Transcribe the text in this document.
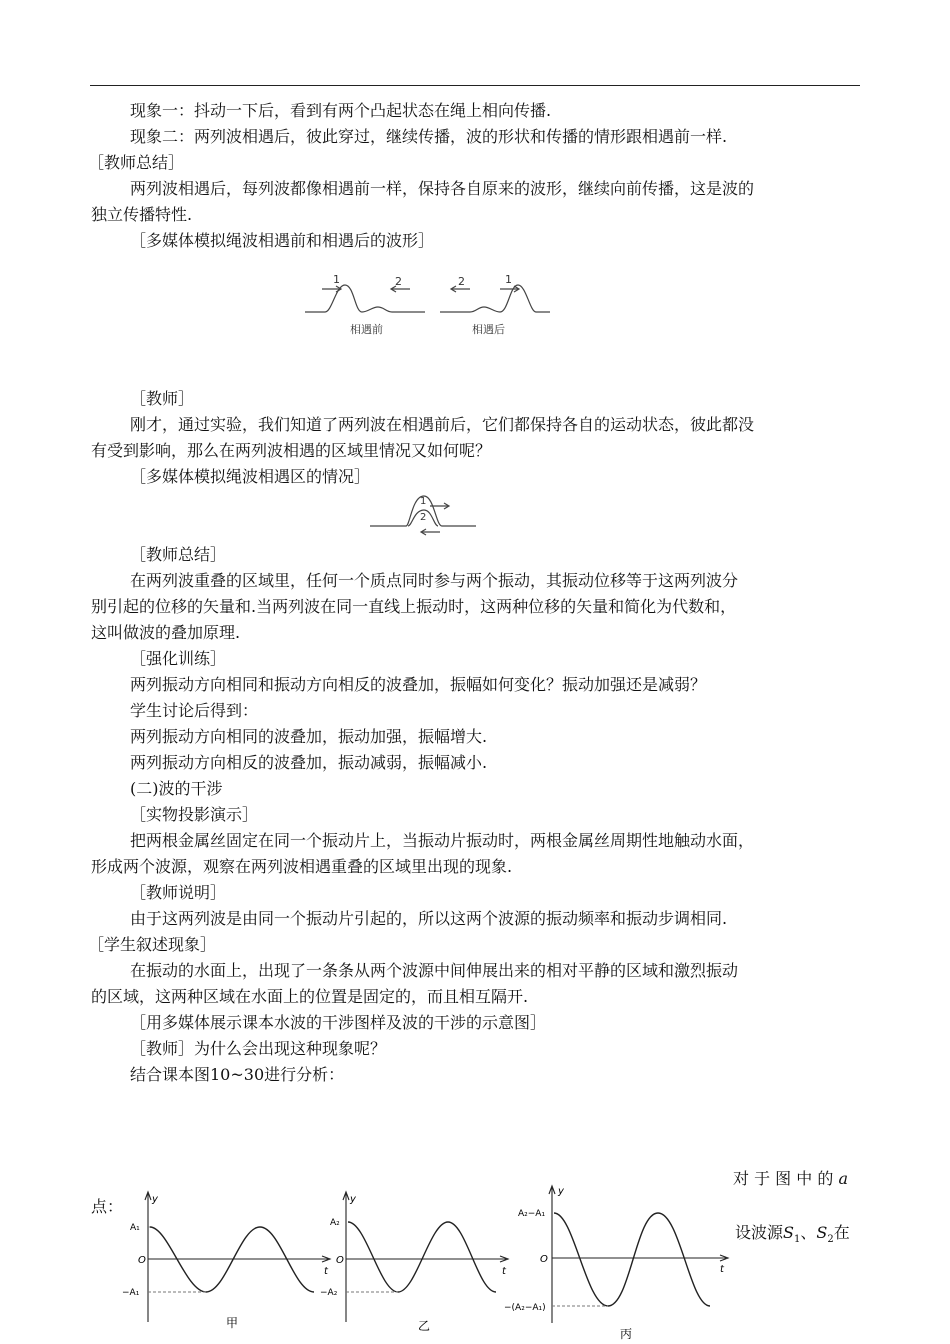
现象一：抖动一下后，看到有两个凸起状态在绳上相向传播.
现象二：两列波相遇后，彼此穿过，继续传播，波的形状和传播的情形跟相遇前一样.
［教师总结］
两列波相遇后，每列波都像相遇前一样，保持各自原来的波形，继续向前传播，这是波的
独立传播特性.
［多媒体模拟绳波相遇前和相遇后的波形］
［教师］
刚才，通过实验，我们知道了两列波在相遇前后，它们都保持各自的运动状态，彼此都没
有受到影响，那么在两列波相遇的区域里情况又如何呢？
［多媒体模拟绳波相遇区的情况］
［教师总结］
在两列波重叠的区域里，任何一个质点同时参与两个振动，其振动位移等于这两列波分
别引起的位移的矢量和.当两列波在同一直线上振动时，这两种位移的矢量和简化为代数和，
这叫做波的叠加原理.
［强化训练］
两列振动方向相同和振动方向相反的波叠加，振幅如何变化？振动加强还是减弱？
学生讨论后得到：
两列振动方向相同的波叠加，振动加强，振幅增大.
两列振动方向相反的波叠加，振动减弱，振幅减小.
(二)波的干涉
［实物投影演示］
把两根金属丝固定在同一个振动片上，当振动片振动时，两根金属丝周期性地触动水面，
形成两个波源，观察在两列波相遇重叠的区域里出现的现象.
［教师说明］
由于这两列波是由同一个振动片引起的，所以这两个波源的振动频率和振动步调相同.
［学生叙述现象］
在振动的水面上，出现了一条条从两个波源中间伸展出来的相对平静的区域和激烈振动
的区域，这两种区域在水面上的位置是固定的，而且相互隔开.
［用多媒体展示课本水波的干涉图样及波的干涉的示意图］
［教师］为什么会出现这种现象呢？
结合课本图10~30进行分析：
对 于 图 中 的 a
点：
设波源$S_1$、$S_2$在
1	2	2	1
相遇前	相遇后
1
2
y
t
O
A₁
−A₁
甲
y
t
O
A₂
−A₂
乙
y
t
O
A₂−A₁
−(A₂−A₁)
丙
